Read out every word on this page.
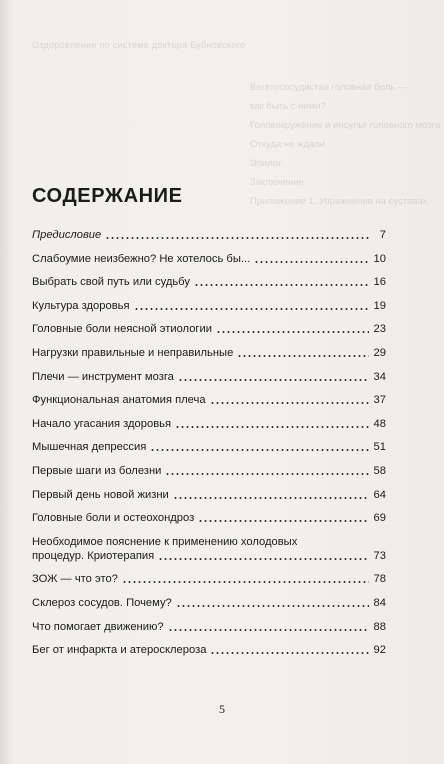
Оздоровление по системе доктора Бубновского
Вегетососудистая головная боль —
как быть с ними?
Головокружение и инсульт головного мозга
Откуда не ждали
Эпилог
Заключение
Приложение 1. Упражнения на суставах
СОДЕРЖАНИЕ
Предисловие	7
Слабоумие неизбежно? Не хотелось бы...	10
Выбрать свой путь или судьбу	16
Культура здоровья	19
Головные боли неясной этиологии	23
Нагрузки правильные и неправильные	29
Плечи — инструмент мозга	34
Функциональная анатомия плеча	37
Начало угасания здоровья	48
Мышечная депрессия	51
Первые шаги из болезни	58
Первый день новой жизни	64
Головные боли и остеохондроз	69
Необходимое пояснение к применению холодовых
процедур. Криотерапия	73
ЗОЖ — что это?	78
Склероз сосудов. Почему?	84
Что помогает движению?	88
Бег от инфаркта и атеросклероза	92
5
